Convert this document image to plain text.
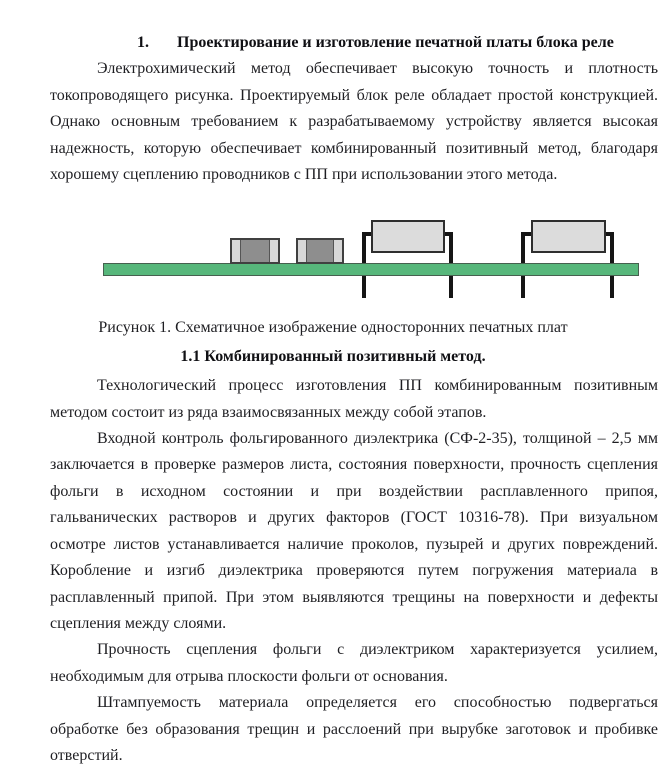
1. Проектирование и изготовление печатной платы блока реле

Электрохимический метод обеспечивает высокую точность и плотность токопроводящего рисунка. Проектируемый блок реле обладает простой конструкцией. Однако основным требованием к разрабатываемому устройству является высокая надежность, которую обеспечивает комбинированный позитивный метод, благодаря хорошему сцеплению проводников с ПП при использовании этого метода.

Рисунок 1. Схематичное изображение односторонних печатных плат
1.1 Комбинированный позитивный метод.

Технологический процесс изготовления ПП комбинированным позитивным методом состоит из ряда взаимосвязанных между собой этапов.

Входной контроль фольгированного диэлектрика (СФ-2-35), толщиной – 2,5 мм заключается в проверке размеров листа, состояния поверхности, прочность сцепления фольги в исходном состоянии и при воздействии расплавленного припоя, гальванических растворов и других факторов (ГОСТ 10316-78). При визуальном осмотре листов устанавливается наличие проколов, пузырей и других повреждений. Коробление и изгиб диэлектрика проверяются путем погружения материала в расплавленный припой. При этом выявляются трещины на поверхности и дефекты сцепления между слоями.

Прочность сцепления фольги с диэлектриком характеризуется усилием, необходимым для отрыва плоскости фольги от основания.

Штампуемость материала определяется его способностью подвергаться обработке без образования трещин и расслоений при вырубке заготовок и пробивке отверстий.
